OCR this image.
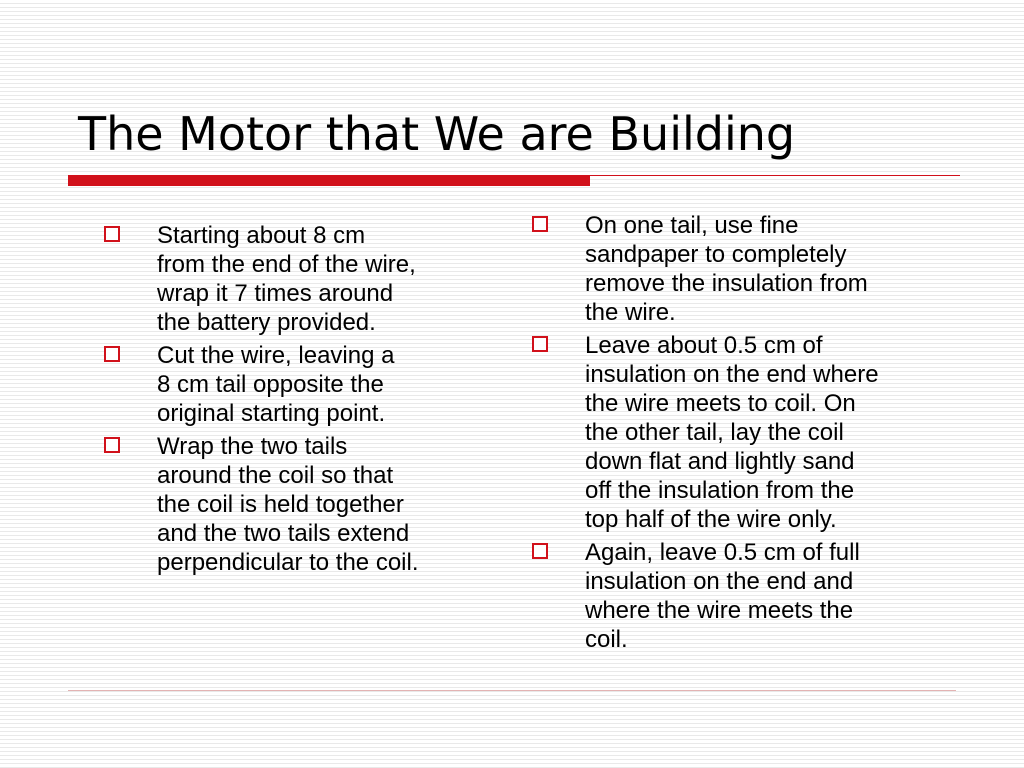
The Motor that We are Building
Starting about 8 cm
from the end of the wire,
wrap it 7 times around
the battery provided.
Cut the wire, leaving a
8 cm tail opposite the
original starting point.
Wrap the two tails
around the coil so that
the coil is held together
and the two tails extend
perpendicular to the coil.
On one tail, use fine
sandpaper to completely
remove the insulation from
the wire.
Leave about 0.5 cm of
insulation on the end where
the wire meets to coil. On
the other tail, lay the coil
down flat and lightly sand
off the insulation from the
top half of the wire only.
Again, leave 0.5 cm of full
insulation on the end and
where the wire meets the
coil.
